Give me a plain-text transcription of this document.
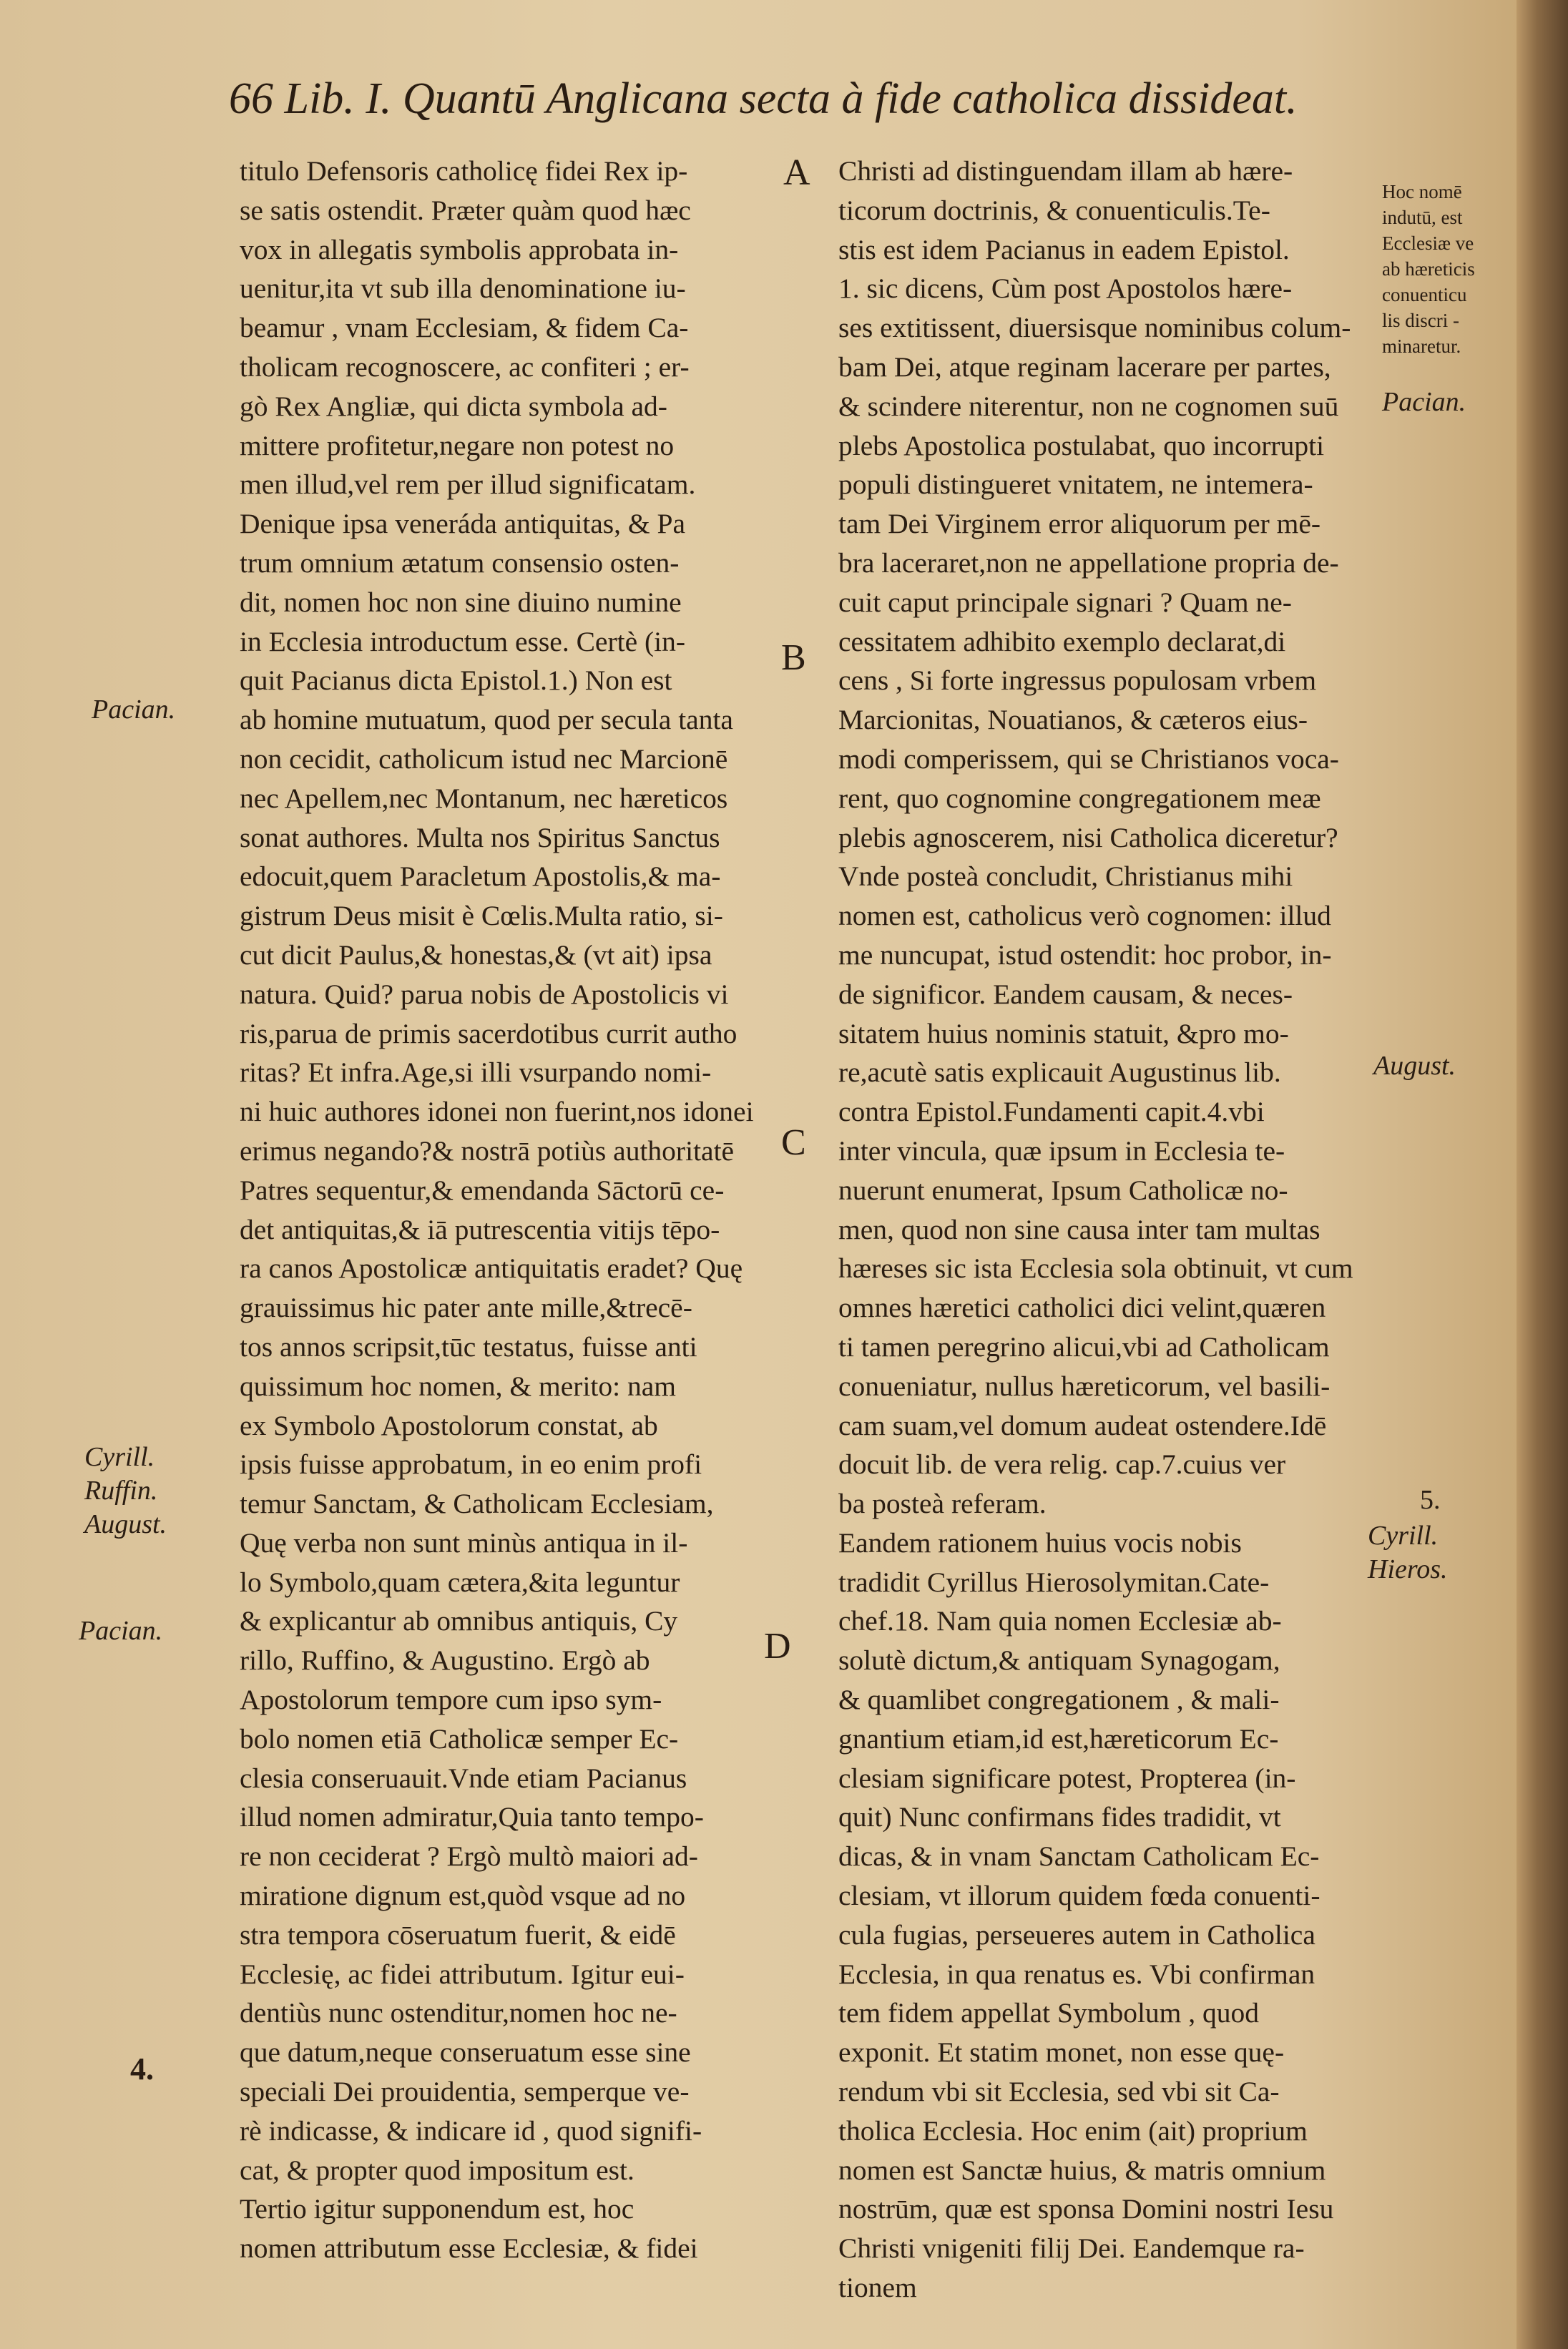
66 Lib. I. Quantū Anglicana secta à fide catholica dissideat.
titulo Defensoris catholicę fidei Rex ip-
se satis ostendit. Præter quàm quod hæc
vox in allegatis symbolis approbata in-
uenitur,ita vt sub illa denominatione iu-
beamur , vnam Ecclesiam, & fidem Ca-
tholicam recognoscere, ac confiteri ; er-
gò Rex Angliæ, qui dicta symbola ad-
mittere profitetur,negare non potest no
men illud,vel rem per illud significatam.
Denique ipsa veneráda antiquitas, & Pa
trum omnium ætatum consensio osten-
dit, nomen hoc non sine diuino numine
in Ecclesia introductum esse. Certè (in-
quit Pacianus dicta Epistol.1.) Non est
ab homine mutuatum, quod per secula tanta
non cecidit, catholicum istud nec Marcionē
nec Apellem,nec Montanum, nec hæreticos
sonat authores. Multa nos Spiritus Sanctus
edocuit,quem Paracletum Apostolis,& ma-
gistrum Deus misit è Cœlis.Multa ratio, si-
cut dicit Paulus,& honestas,& (vt ait) ipsa
natura. Quid? parua nobis de Apostolicis vi
ris,parua de primis sacerdotibus currit autho
ritas? Et infra.Age,si illi vsurpando nomi-
ni huic authores idonei non fuerint,nos idonei
erimus negando?& nostrā potiùs authoritatē
Patres sequentur,& emendanda Sāctorū ce-
det antiquitas,& iā putrescentia vitijs tēpo-
ra canos Apostolicæ antiquitatis eradet? Quę
grauissimus hic pater ante mille,&trecē-
tos annos scripsit,tūc testatus, fuisse anti
quissimum hoc nomen, & merito: nam
ex Symbolo Apostolorum constat, ab
ipsis fuisse approbatum, in eo enim profi
temur Sanctam, & Catholicam Ecclesiam,
Quę verba non sunt minùs antiqua in il-
lo Symbolo,quam cætera,&ita leguntur
& explicantur ab omnibus antiquis, Cy
rillo, Ruffino, & Augustino. Ergò ab
Apostolorum tempore cum ipso sym-
bolo nomen etiā Catholicæ semper Ec-
clesia conseruauit.Vnde etiam Pacianus
illud nomen admiratur,Quia tanto tempo-
re non ceciderat ? Ergò multò maiori ad-
miratione dignum est,quòd vsque ad no
stra tempora cōseruatum fuerit, & eidē
Ecclesię, ac fidei attributum. Igitur eui-
dentiùs nunc ostenditur,nomen hoc ne-
que datum,neque conseruatum esse sine
speciali Dei prouidentia, semperque ve-
rè indicasse, & indicare id , quod signifi-
cat, & propter quod impositum est.
Tertio igitur supponendum est, hoc
nomen attributum esse Ecclesiæ, & fidei
Christi ad distinguendam illam ab hære-
ticorum doctrinis, & conuenticulis.Te-
stis est idem Pacianus in eadem Epistol.
1. sic dicens, Cùm post Apostolos hære-
ses extitissent, diuersisque nominibus colum-
bam Dei, atque reginam lacerare per partes,
& scindere niterentur, non ne cognomen suū
plebs Apostolica postulabat, quo incorrupti
populi distingueret vnitatem, ne intemera-
tam Dei Virginem error aliquorum per mē-
bra laceraret,non ne appellatione propria de-
cuit caput principale signari ? Quam ne-
cessitatem adhibito exemplo declarat,di
cens , Si forte ingressus populosam vrbem
Marcionitas, Nouatianos, & cæteros eius-
modi comperissem, qui se Christianos voca-
rent, quo cognomine congregationem meæ
plebis agnoscerem, nisi Catholica diceretur?
Vnde posteà concludit, Christianus mihi
nomen est, catholicus verò cognomen: illud
me nuncupat, istud ostendit: hoc probor, in-
de significor. Eandem causam, & neces-
sitatem huius nominis statuit, &pro mo-
re,acutè satis explicauit Augustinus lib.
contra Epistol.Fundamenti capit.4.vbi
inter vincula, quæ ipsum in Ecclesia te-
nuerunt enumerat, Ipsum Catholicæ no-
men, quod non sine causa inter tam multas
hæreses sic ista Ecclesia sola obtinuit, vt cum
omnes hæretici catholici dici velint,quæren
ti tamen peregrino alicui,vbi ad Catholicam
conueniatur, nullus hæreticorum, vel basili-
cam suam,vel domum audeat ostendere.Idē
docuit lib. de vera relig. cap.7.cuius ver
ba posteà referam.
Eandem rationem huius vocis nobis
tradidit Cyrillus Hierosolymitan.Cate-
chef.18. Nam quia nomen Ecclesiæ ab-
solutè dictum,& antiquam Synagogam,
& quamlibet congregationem , & mali-
gnantium etiam,id est,hæreticorum Ec-
clesiam significare potest, Propterea (in-
quit) Nunc confirmans fides tradidit, vt
dicas, & in vnam Sanctam Catholicam Ec-
clesiam, vt illorum quidem fœda conuenti-
cula fugias, perseueres autem in Catholica
Ecclesia, in qua renatus es. Vbi confirman
tem fidem appellat Symbolum , quod
exponit. Et statim monet, non esse quę-
rendum vbi sit Ecclesia, sed vbi sit Ca-
tholica Ecclesia. Hoc enim (ait) proprium
nomen est Sanctæ huius, & matris omnium
nostrūm, quæ est sponsa Domini nostri Iesu
Christi vnigeniti filij Dei. Eandemque ra-
tionem
A
B
C
D
Hoc nomē
indutū, est
Ecclesiæ ve
ab hæreticis
conuenticu
lis discri -
minaretur.
Pacian.
Pacian.
Cyrill.
Ruffin.
August.
Pacian.
August.
5.
Cyrill.
Hieros.
4.
